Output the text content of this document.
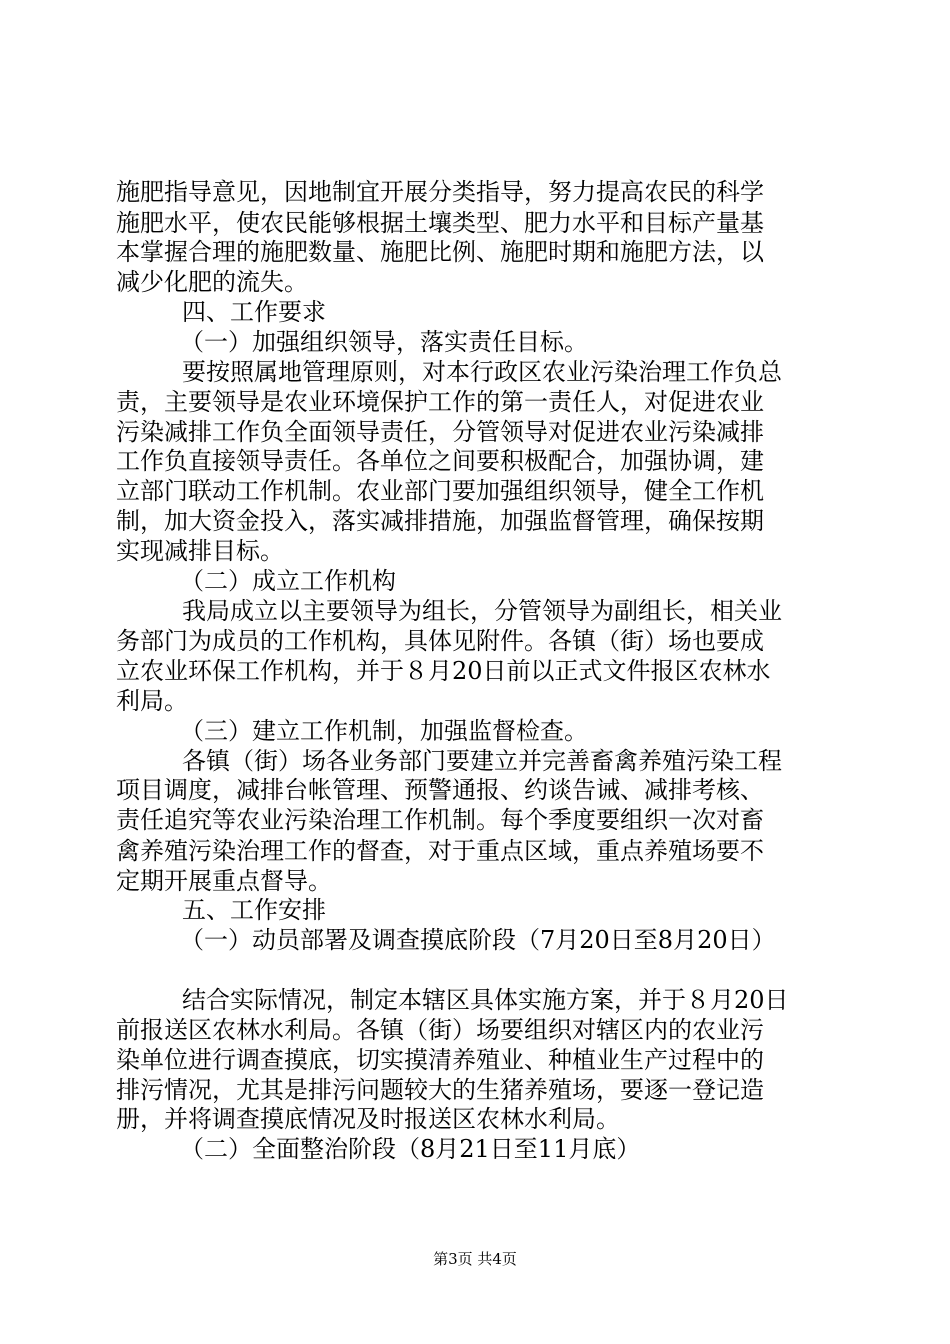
施肥指导意见，因地制宜开展分类指导，努力提高农民的科学
施肥水平，使农民能够根据土壤类型、肥力水平和目标产量基
本掌握合理的施肥数量、施肥比例、施肥时期和施肥方法，以
减少化肥的流失。
四、工作要求
（一）加强组织领导，落实责任目标。
要按照属地管理原则，对本行政区农业污染治理工作负总
责，主要领导是农业环境保护工作的第一责任人，对促进农业
污染减排工作负全面领导责任，分管领导对促进农业污染减排
工作负直接领导责任。各单位之间要积极配合，加强协调，建
立部门联动工作机制。农业部门要加强组织领导，健全工作机
制，加大资金投入，落实减排措施，加强监督管理，确保按期
实现减排目标。
（二）成立工作机构
我局成立以主要领导为组长，分管领导为副组长，相关业
务部门为成员的工作机构，具体见附件。各镇（街）场也要成
立农业环保工作机构，并于８月20日前以正式文件报区农林水
利局。
（三）建立工作机制，加强监督检查。
各镇（街）场各业务部门要建立并完善畜禽养殖污染工程
项目调度，减排台帐管理、预警通报、约谈告诫、减排考核、
责任追究等农业污染治理工作机制。每个季度要组织一次对畜
禽养殖污染治理工作的督查，对于重点区域，重点养殖场要不
定期开展重点督导。
五、工作安排
（一）动员部署及调查摸底阶段（7月20日至8月20日）
结合实际情况，制定本辖区具体实施方案，并于８月20日
前报送区农林水利局。各镇（街）场要组织对辖区内的农业污
染单位进行调查摸底，切实摸清养殖业、种植业生产过程中的
排污情况，尤其是排污问题较大的生猪养殖场，要逐一登记造
册，并将调查摸底情况及时报送区农林水利局。
（二）全面整治阶段（8月21日至11月底）
第3页 共4页
